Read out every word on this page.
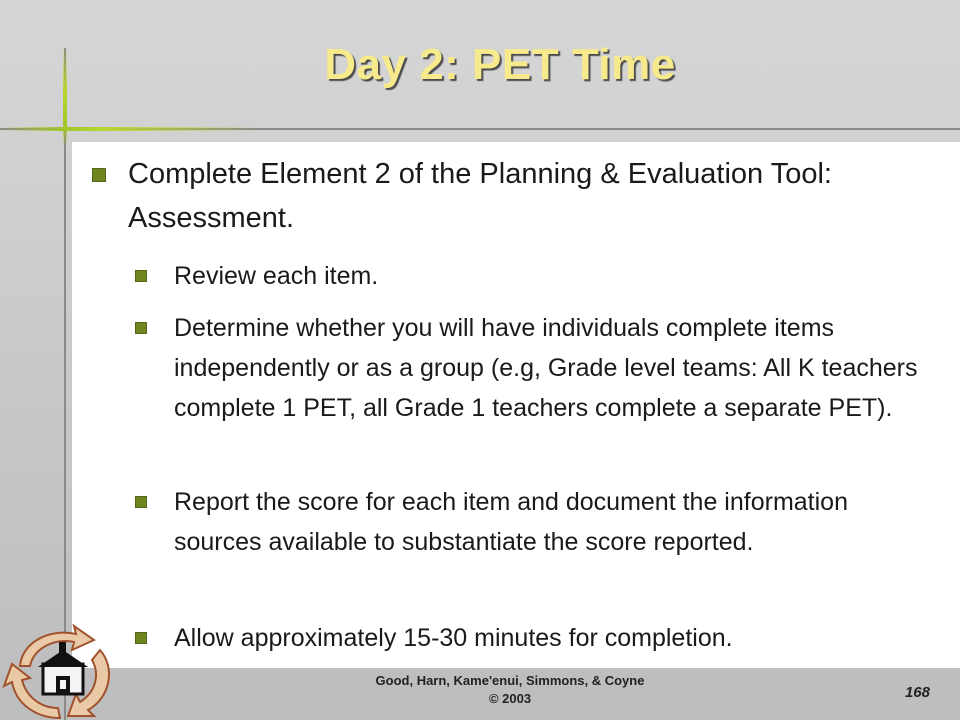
Day 2: PET Time
Complete Element 2 of the Planning & Evaluation Tool: Assessment.
Review each item.
Determine whether you will have individuals complete items independently or as a group (e.g, Grade level teams: All K teachers complete 1 PET, all Grade 1 teachers complete a separate PET).
Report the score for each item and document the information sources available to substantiate the score reported.
Allow approximately 15-30 minutes for completion.
Good, Harn, Kame'enui, Simmons, & Coyne
© 2003	168
